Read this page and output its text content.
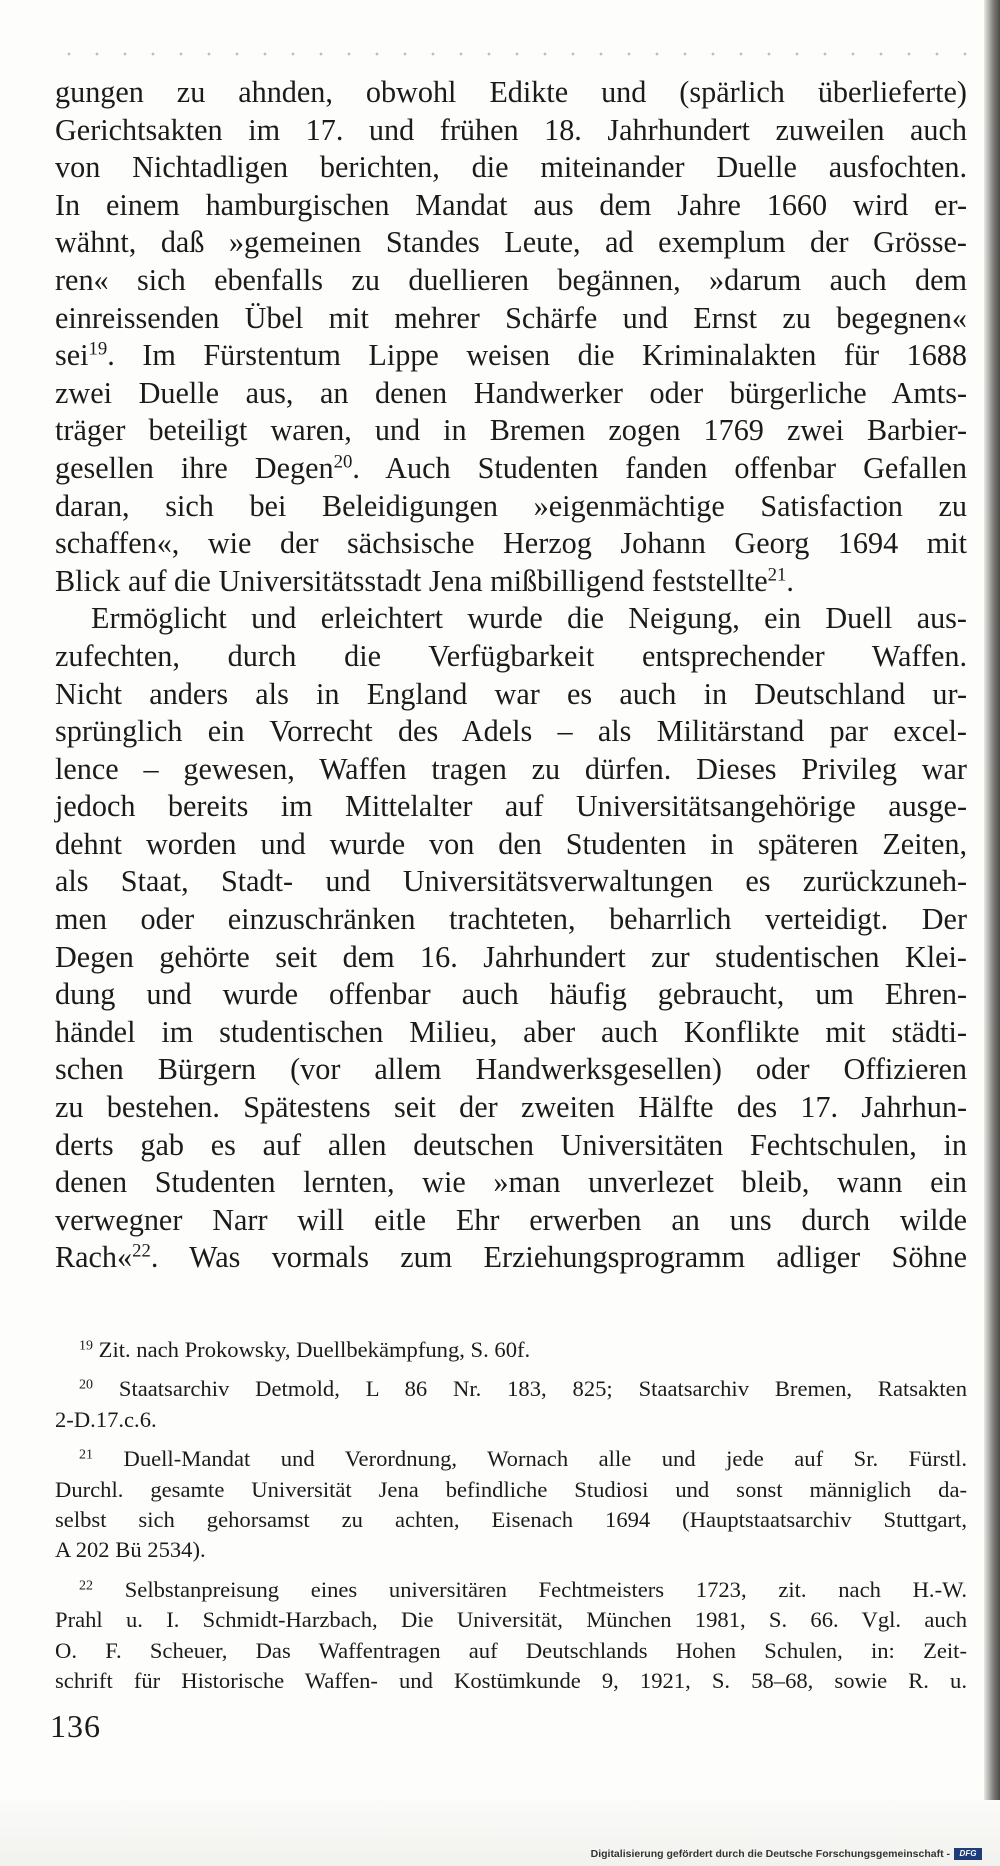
gungen zu ahnden, obwohl Edikte und (spärlich überlieferte)
Gerichtsakten im 17. und frühen 18. Jahrhundert zuweilen auch
von Nichtadligen berichten, die miteinander Duelle ausfochten.
In einem hamburgischen Mandat aus dem Jahre 1660 wird er-
wähnt, daß »gemeinen Standes Leute, ad exemplum der Grösse-
ren« sich ebenfalls zu duellieren begännen, »darum auch dem
einreissenden Übel mit mehrer Schärfe und Ernst zu begegnen«
sei$^{19}$. Im Fürstentum Lippe weisen die Kriminalakten für 1688
zwei Duelle aus, an denen Handwerker oder bürgerliche Amts-
träger beteiligt waren, und in Bremen zogen 1769 zwei Barbier-
gesellen ihre Degen$^{20}$. Auch Studenten fanden offenbar Gefallen
daran, sich bei Beleidigungen »eigenmächtige Satisfaction zu
schaffen«, wie der sächsische Herzog Johann Georg 1694 mit
Blick auf die Universitätsstadt Jena mißbilligend feststellte$^{21}$.
Ermöglicht und erleichtert wurde die Neigung, ein Duell aus-
zufechten, durch die Verfügbarkeit entsprechender Waffen.
Nicht anders als in England war es auch in Deutschland ur-
sprünglich ein Vorrecht des Adels – als Militärstand par excel-
lence – gewesen, Waffen tragen zu dürfen. Dieses Privileg war
jedoch bereits im Mittelalter auf Universitätsangehörige ausge-
dehnt worden und wurde von den Studenten in späteren Zeiten,
als Staat, Stadt- und Universitätsverwaltungen es zurückzuneh-
men oder einzuschränken trachteten, beharrlich verteidigt. Der
Degen gehörte seit dem 16. Jahrhundert zur studentischen Klei-
dung und wurde offenbar auch häufig gebraucht, um Ehren-
händel im studentischen Milieu, aber auch Konflikte mit städti-
schen Bürgern (vor allem Handwerksgesellen) oder Offizieren
zu bestehen. Spätestens seit der zweiten Hälfte des 17. Jahrhun-
derts gab es auf allen deutschen Universitäten Fechtschulen, in
denen Studenten lernten, wie »man unverlezet bleib, wann ein
verwegner Narr will eitle Ehr erwerben an uns durch wilde
Rach«$^{22}$. Was vormals zum Erziehungsprogramm adliger Söhne
$^{19}$ Zit. nach Prokowsky, Duellbekämpfung, S. 60f.
$^{20}$ Staatsarchiv Detmold, L 86 Nr. 183, 825; Staatsarchiv Bremen, Ratsakten
2-D.17.c.6.
$^{21}$ Duell-Mandat und Verordnung, Wornach alle und jede auf Sr. Fürstl.
Durchl. gesamte Universität Jena befindliche Studiosi und sonst männiglich da-
selbst sich gehorsamst zu achten, Eisenach 1694 (Hauptstaatsarchiv Stuttgart,
A 202 Bü 2534).
$^{22}$ Selbstanpreisung eines universitären Fechtmeisters 1723, zit. nach H.-W.
Prahl u. I. Schmidt-Harzbach, Die Universität, München 1981, S. 66. Vgl. auch
O. F. Scheuer, Das Waffentragen auf Deutschlands Hohen Schulen, in: Zeit-
schrift für Historische Waffen- und Kostümkunde 9, 1921, S. 58–68, sowie R. u.
136
Digitalisierung gefördert durch die Deutsche Forschungsgemeinschaft -	DFG
